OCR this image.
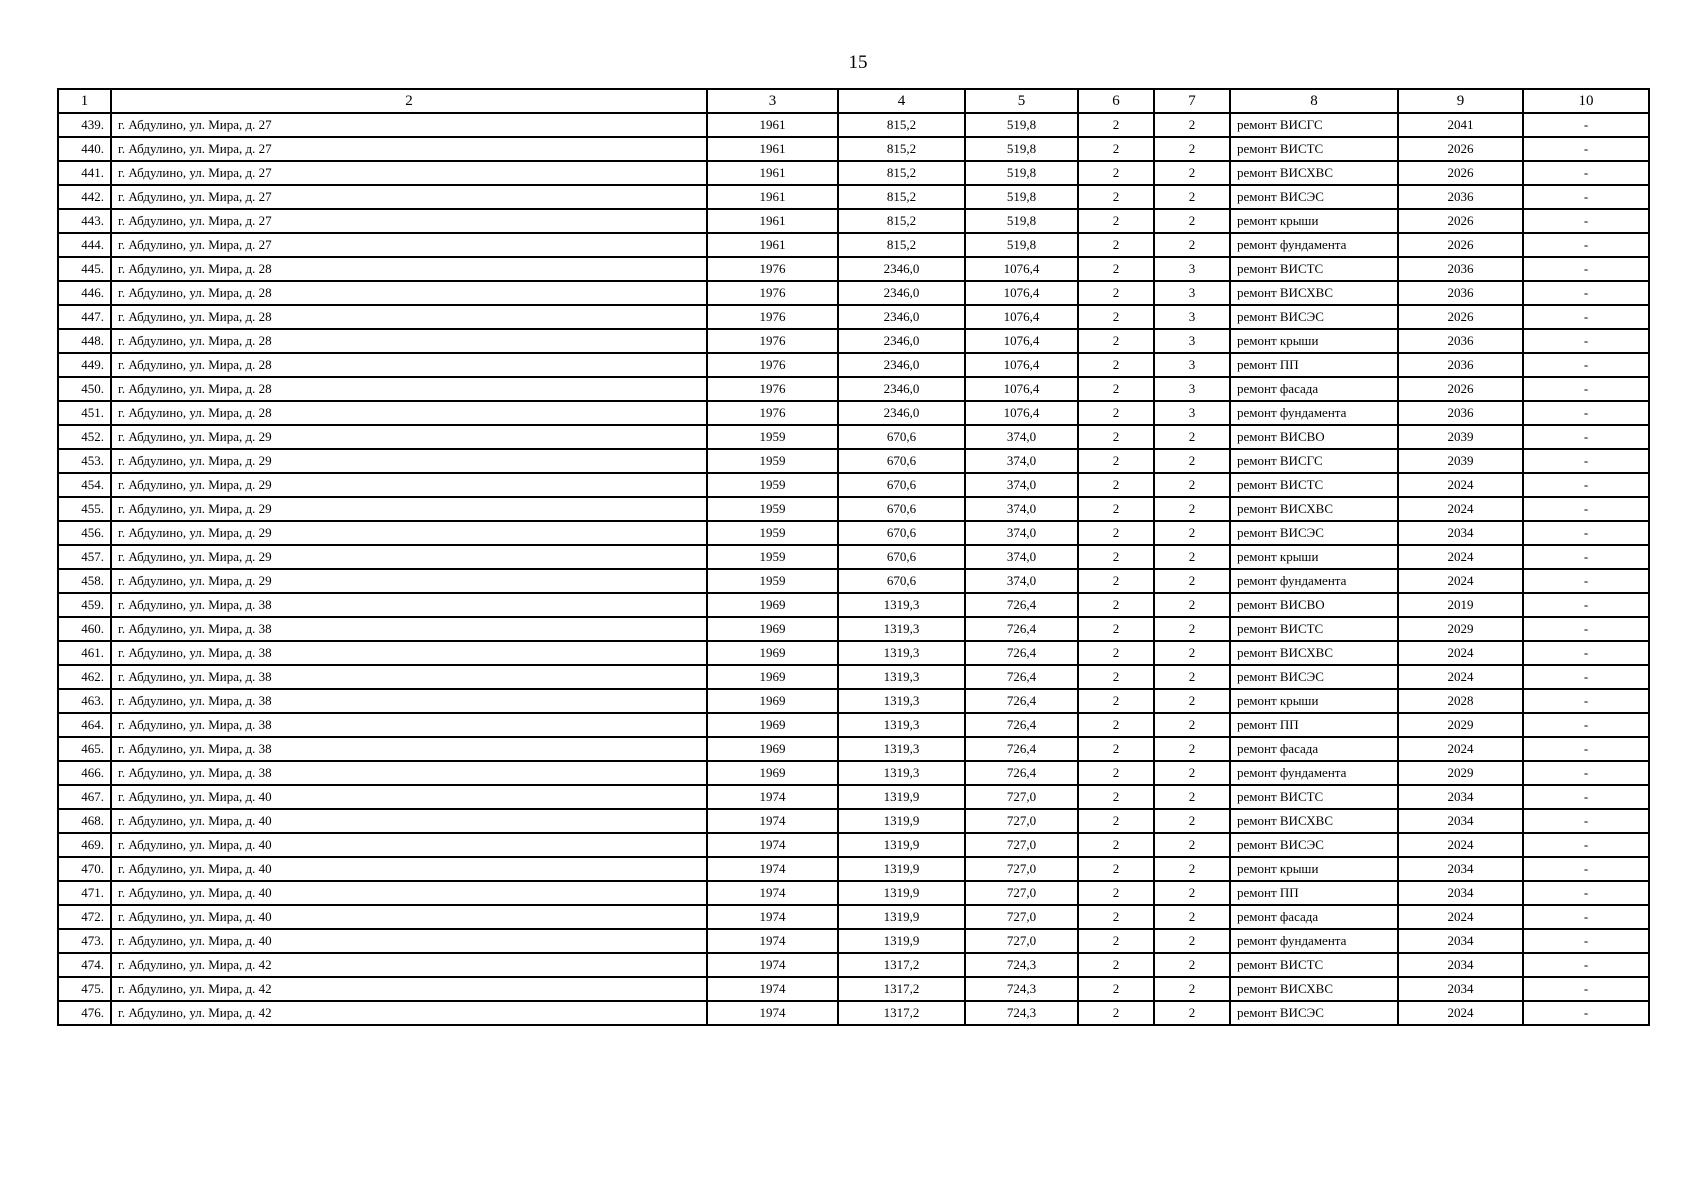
15
1	2	3	4	5	6	7	8	9	10
439.	г. Абдулино, ул. Мира, д. 27	1961	815,2	519,8	2	2	ремонт ВИСГС	2041	-
440.	г. Абдулино, ул. Мира, д. 27	1961	815,2	519,8	2	2	ремонт ВИСТС	2026	-
441.	г. Абдулино, ул. Мира, д. 27	1961	815,2	519,8	2	2	ремонт ВИСХВС	2026	-
442.	г. Абдулино, ул. Мира, д. 27	1961	815,2	519,8	2	2	ремонт ВИСЭС	2036	-
443.	г. Абдулино, ул. Мира, д. 27	1961	815,2	519,8	2	2	ремонт крыши	2026	-
444.	г. Абдулино, ул. Мира, д. 27	1961	815,2	519,8	2	2	ремонт фундамента	2026	-
445.	г. Абдулино, ул. Мира, д. 28	1976	2346,0	1076,4	2	3	ремонт ВИСТС	2036	-
446.	г. Абдулино, ул. Мира, д. 28	1976	2346,0	1076,4	2	3	ремонт ВИСХВС	2036	-
447.	г. Абдулино, ул. Мира, д. 28	1976	2346,0	1076,4	2	3	ремонт ВИСЭС	2026	-
448.	г. Абдулино, ул. Мира, д. 28	1976	2346,0	1076,4	2	3	ремонт крыши	2036	-
449.	г. Абдулино, ул. Мира, д. 28	1976	2346,0	1076,4	2	3	ремонт ПП	2036	-
450.	г. Абдулино, ул. Мира, д. 28	1976	2346,0	1076,4	2	3	ремонт фасада	2026	-
451.	г. Абдулино, ул. Мира, д. 28	1976	2346,0	1076,4	2	3	ремонт фундамента	2036	-
452.	г. Абдулино, ул. Мира, д. 29	1959	670,6	374,0	2	2	ремонт ВИСВО	2039	-
453.	г. Абдулино, ул. Мира, д. 29	1959	670,6	374,0	2	2	ремонт ВИСГС	2039	-
454.	г. Абдулино, ул. Мира, д. 29	1959	670,6	374,0	2	2	ремонт ВИСТС	2024	-
455.	г. Абдулино, ул. Мира, д. 29	1959	670,6	374,0	2	2	ремонт ВИСХВС	2024	-
456.	г. Абдулино, ул. Мира, д. 29	1959	670,6	374,0	2	2	ремонт ВИСЭС	2034	-
457.	г. Абдулино, ул. Мира, д. 29	1959	670,6	374,0	2	2	ремонт крыши	2024	-
458.	г. Абдулино, ул. Мира, д. 29	1959	670,6	374,0	2	2	ремонт фундамента	2024	-
459.	г. Абдулино, ул. Мира, д. 38	1969	1319,3	726,4	2	2	ремонт ВИСВО	2019	-
460.	г. Абдулино, ул. Мира, д. 38	1969	1319,3	726,4	2	2	ремонт ВИСТС	2029	-
461.	г. Абдулино, ул. Мира, д. 38	1969	1319,3	726,4	2	2	ремонт ВИСХВС	2024	-
462.	г. Абдулино, ул. Мира, д. 38	1969	1319,3	726,4	2	2	ремонт ВИСЭС	2024	-
463.	г. Абдулино, ул. Мира, д. 38	1969	1319,3	726,4	2	2	ремонт крыши	2028	-
464.	г. Абдулино, ул. Мира, д. 38	1969	1319,3	726,4	2	2	ремонт ПП	2029	-
465.	г. Абдулино, ул. Мира, д. 38	1969	1319,3	726,4	2	2	ремонт фасада	2024	-
466.	г. Абдулино, ул. Мира, д. 38	1969	1319,3	726,4	2	2	ремонт фундамента	2029	-
467.	г. Абдулино, ул. Мира, д. 40	1974	1319,9	727,0	2	2	ремонт ВИСТС	2034	-
468.	г. Абдулино, ул. Мира, д. 40	1974	1319,9	727,0	2	2	ремонт ВИСХВС	2034	-
469.	г. Абдулино, ул. Мира, д. 40	1974	1319,9	727,0	2	2	ремонт ВИСЭС	2024	-
470.	г. Абдулино, ул. Мира, д. 40	1974	1319,9	727,0	2	2	ремонт крыши	2034	-
471.	г. Абдулино, ул. Мира, д. 40	1974	1319,9	727,0	2	2	ремонт ПП	2034	-
472.	г. Абдулино, ул. Мира, д. 40	1974	1319,9	727,0	2	2	ремонт фасада	2024	-
473.	г. Абдулино, ул. Мира, д. 40	1974	1319,9	727,0	2	2	ремонт фундамента	2034	-
474.	г. Абдулино, ул. Мира, д. 42	1974	1317,2	724,3	2	2	ремонт ВИСТС	2034	-
475.	г. Абдулино, ул. Мира, д. 42	1974	1317,2	724,3	2	2	ремонт ВИСХВС	2034	-
476.	г. Абдулино, ул. Мира, д. 42	1974	1317,2	724,3	2	2	ремонт ВИСЭС	2024	-
